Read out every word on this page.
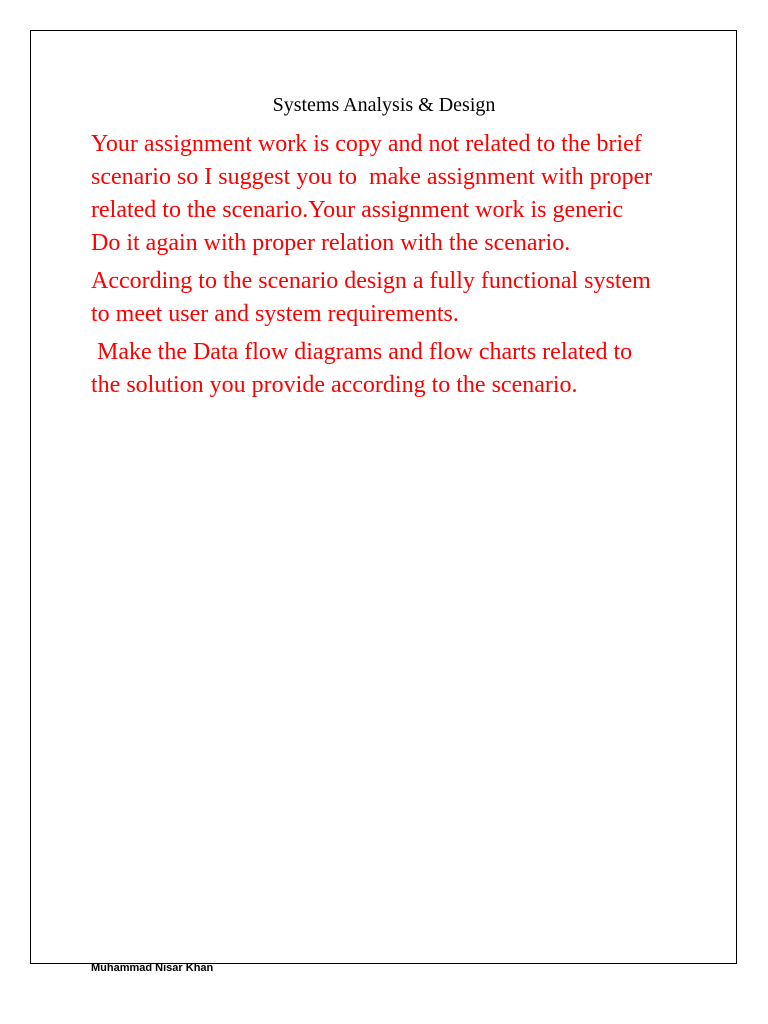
Systems Analysis & Design

Your assignment work is copy and not related to the brief
scenario so I suggest you to  make assignment with proper
related to the scenario.Your assignment work is generic
Do it again with proper relation with the scenario.

According to the scenario design a fully functional system
to meet user and system requirements.

Make the Data flow diagrams and flow charts related to
the solution you provide according to the scenario.

Muhammad Nisar Khan
